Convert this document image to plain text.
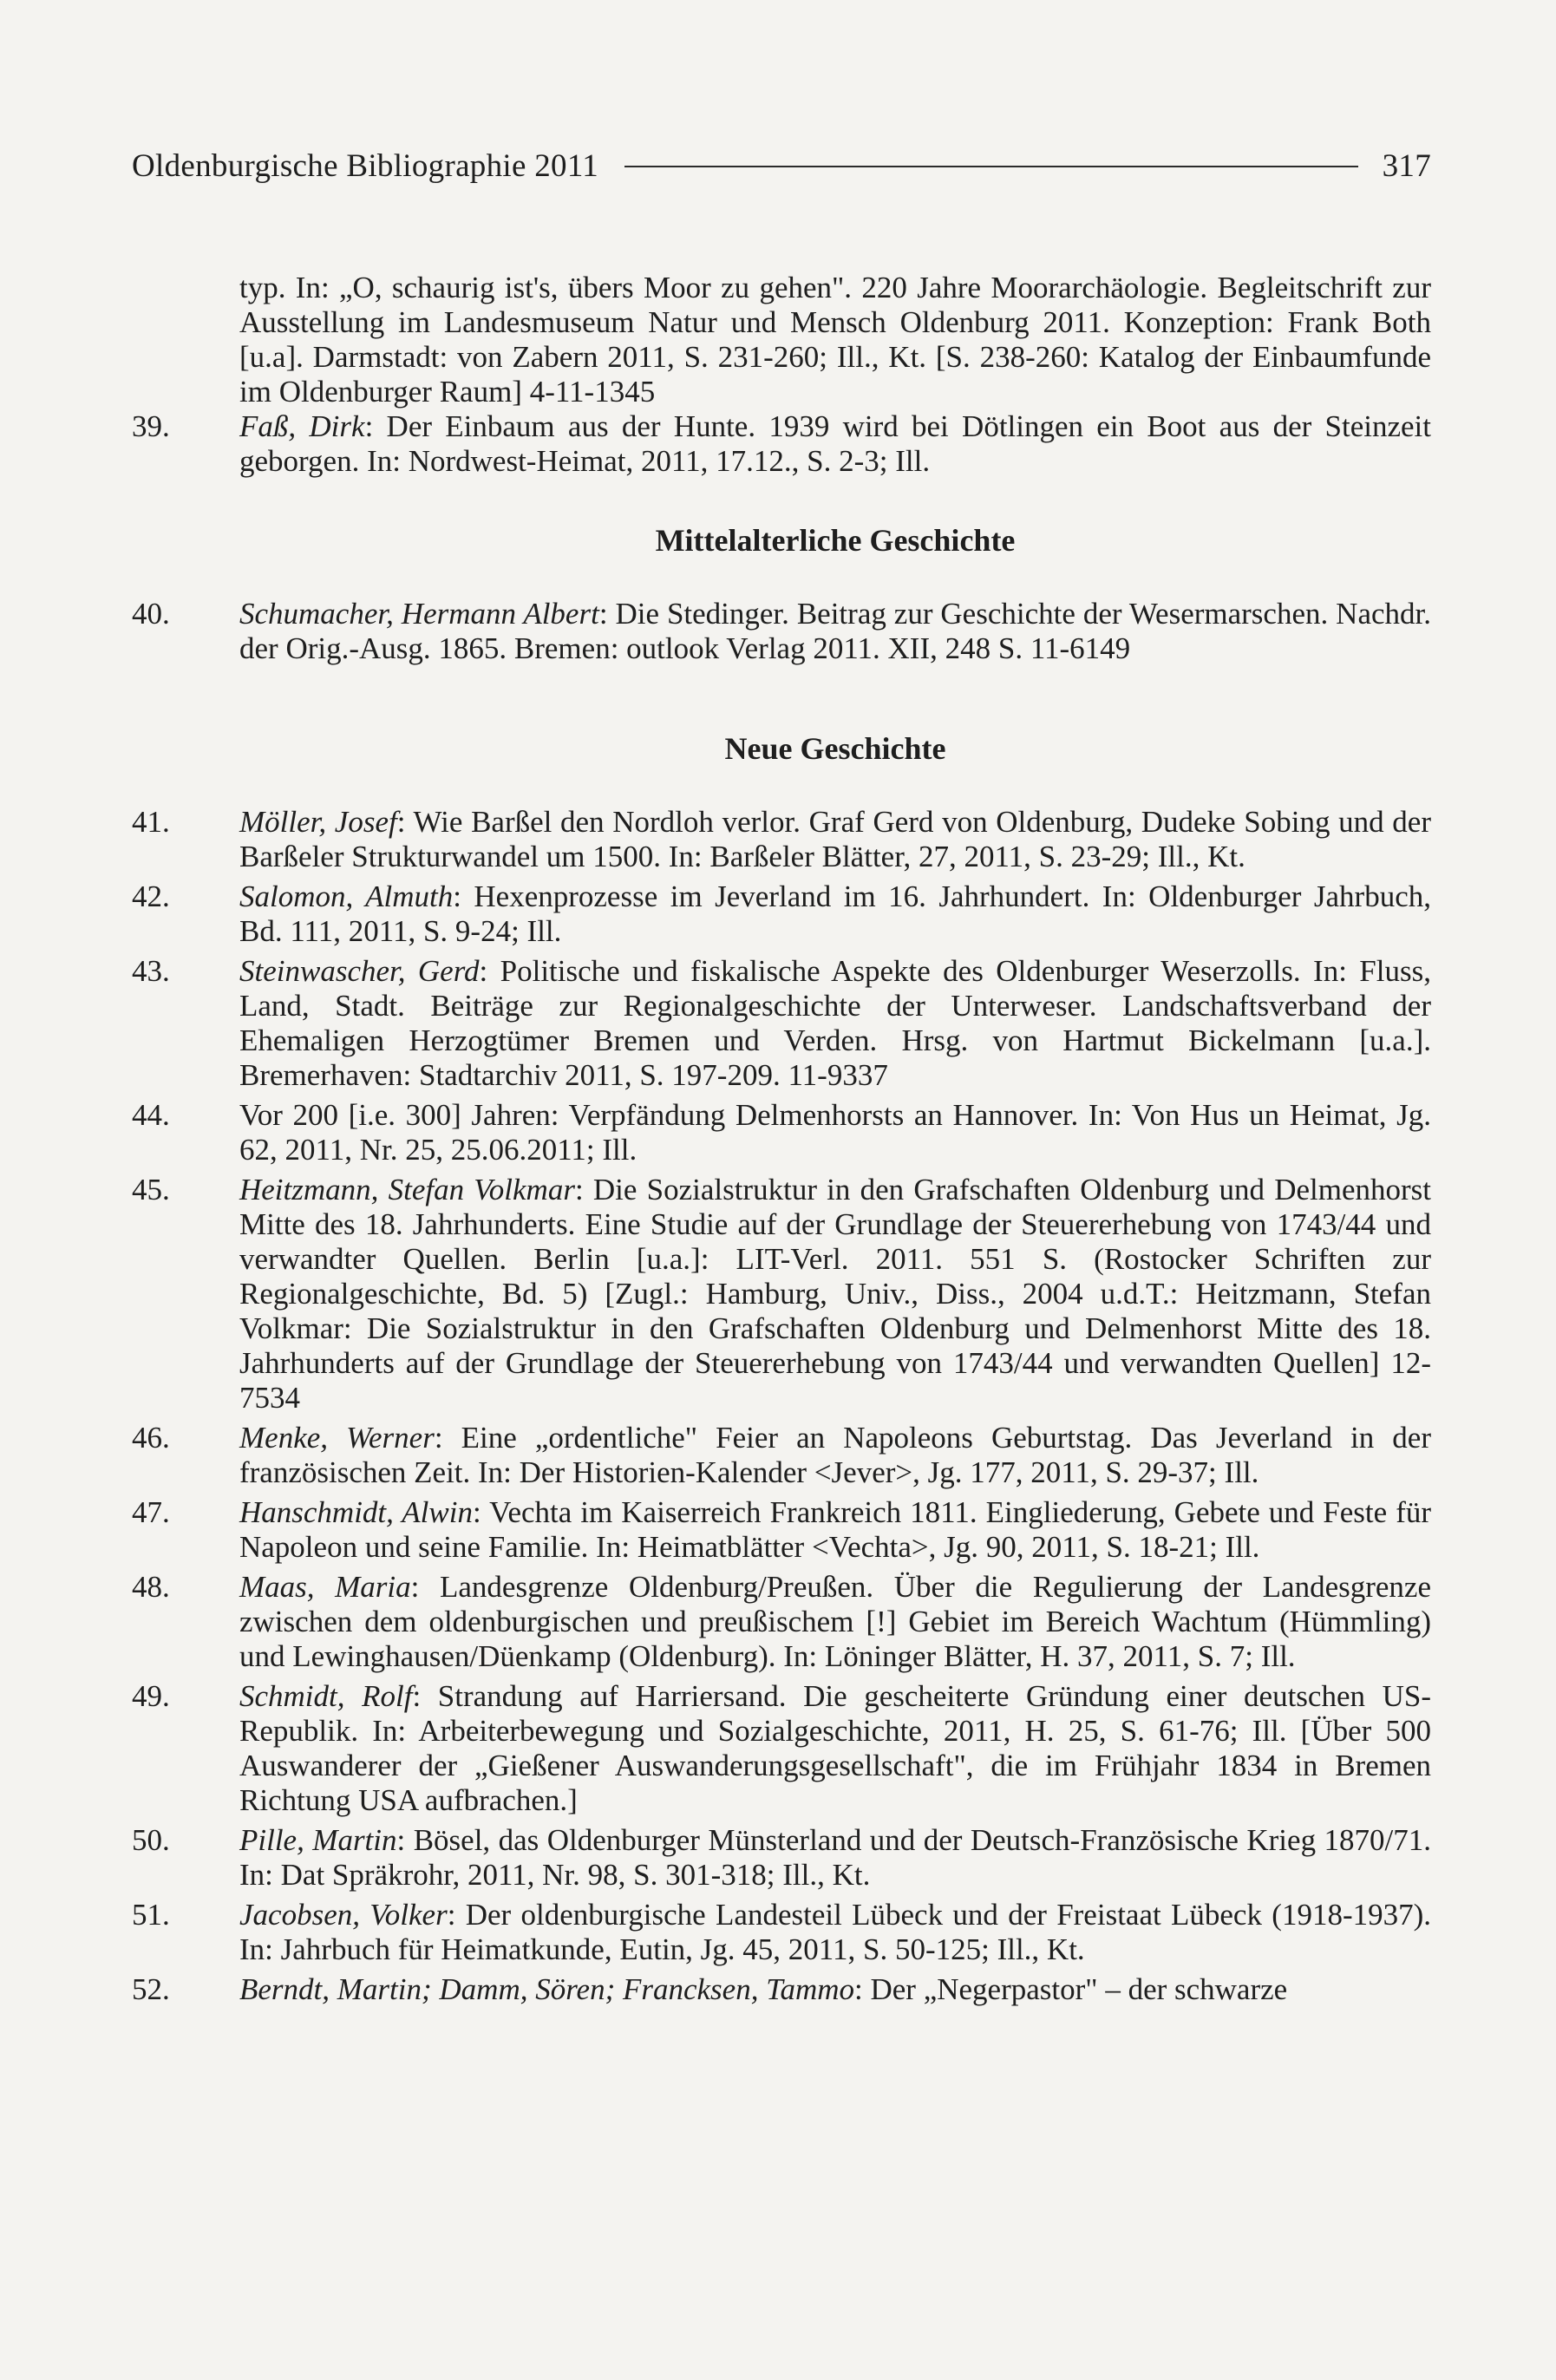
Oldenburgische Bibliographie 2011	317
typ. In: „O, schaurig ist's, übers Moor zu gehen". 220 Jahre Moorarchäologie. Begleitschrift zur Ausstellung im Landesmuseum Natur und Mensch Oldenburg 2011. Konzeption: Frank Both [u.a]. Darmstadt: von Zabern 2011, S. 231-260; Ill., Kt. [S. 238-260: Katalog der Einbaumfunde im Oldenburger Raum] 4-11-1345
39.	Faß, Dirk: Der Einbaum aus der Hunte. 1939 wird bei Dötlingen ein Boot aus der Steinzeit geborgen. In: Nordwest-Heimat, 2011, 17.12., S. 2-3; Ill.
Mittelalterliche Geschichte
40.	Schumacher, Hermann Albert: Die Stedinger. Beitrag zur Geschichte der Wesermarschen. Nachdr. der Orig.-Ausg. 1865. Bremen: outlook Verlag 2011. XII, 248 S. 11-6149
Neue Geschichte
41.	Möller, Josef: Wie Barßel den Nordloh verlor. Graf Gerd von Oldenburg, Dudeke Sobing und der Barßeler Strukturwandel um 1500. In: Barßeler Blätter, 27, 2011, S. 23-29; Ill., Kt.
42.	Salomon, Almuth: Hexenprozesse im Jeverland im 16. Jahrhundert. In: Oldenburger Jahrbuch, Bd. 111, 2011, S. 9-24; Ill.
43.	Steinwascher, Gerd: Politische und fiskalische Aspekte des Oldenburger Weserzolls. In: Fluss, Land, Stadt. Beiträge zur Regionalgeschichte der Unterweser. Landschaftsverband der Ehemaligen Herzogtümer Bremen und Verden. Hrsg. von Hartmut Bickelmann [u.a.]. Bremerhaven: Stadtarchiv 2011, S. 197-209. 11-9337
44.	Vor 200 [i.e. 300] Jahren: Verpfändung Delmenhorsts an Hannover. In: Von Hus un Heimat, Jg. 62, 2011, Nr. 25, 25.06.2011; Ill.
45.	Heitzmann, Stefan Volkmar: Die Sozialstruktur in den Grafschaften Oldenburg und Delmenhorst Mitte des 18. Jahrhunderts. Eine Studie auf der Grundlage der Steuererhebung von 1743/44 und verwandter Quellen. Berlin [u.a.]: LIT-Verl. 2011. 551 S. (Rostocker Schriften zur Regionalgeschichte, Bd. 5) [Zugl.: Hamburg, Univ., Diss., 2004 u.d.T.: Heitzmann, Stefan Volkmar: Die Sozialstruktur in den Grafschaften Oldenburg und Delmenhorst Mitte des 18. Jahrhunderts auf der Grundlage der Steuererhebung von 1743/44 und verwandten Quellen] 12-7534
46.	Menke, Werner: Eine „ordentliche" Feier an Napoleons Geburtstag. Das Jeverland in der französischen Zeit. In: Der Historien-Kalender <Jever>, Jg. 177, 2011, S. 29-37; Ill.
47.	Hanschmidt, Alwin: Vechta im Kaiserreich Frankreich 1811. Eingliederung, Gebete und Feste für Napoleon und seine Familie. In: Heimatblätter <Vechta>, Jg. 90, 2011, S. 18-21; Ill.
48.	Maas, Maria: Landesgrenze Oldenburg/Preußen. Über die Regulierung der Landesgrenze zwischen dem oldenburgischen und preußischem [!] Gebiet im Bereich Wachtum (Hümmling) und Lewinghausen/Düenkamp (Oldenburg). In: Löninger Blätter, H. 37, 2011, S. 7; Ill.
49.	Schmidt, Rolf: Strandung auf Harriersand. Die gescheiterte Gründung einer deutschen US-Republik. In: Arbeiterbewegung und Sozialgeschichte, 2011, H. 25, S. 61-76; Ill. [Über 500 Auswanderer der „Gießener Auswanderungsgesellschaft", die im Frühjahr 1834 in Bremen Richtung USA aufbrachen.]
50.	Pille, Martin: Bösel, das Oldenburger Münsterland und der Deutsch-Französische Krieg 1870/71. In: Dat Spräkrohr, 2011, Nr. 98, S. 301-318; Ill., Kt.
51.	Jacobsen, Volker: Der oldenburgische Landesteil Lübeck und der Freistaat Lübeck (1918-1937). In: Jahrbuch für Heimatkunde, Eutin, Jg. 45, 2011, S. 50-125; Ill., Kt.
52.	Berndt, Martin; Damm, Sören; Francksen, Tammo: Der „Negerpastor" – der schwarze
